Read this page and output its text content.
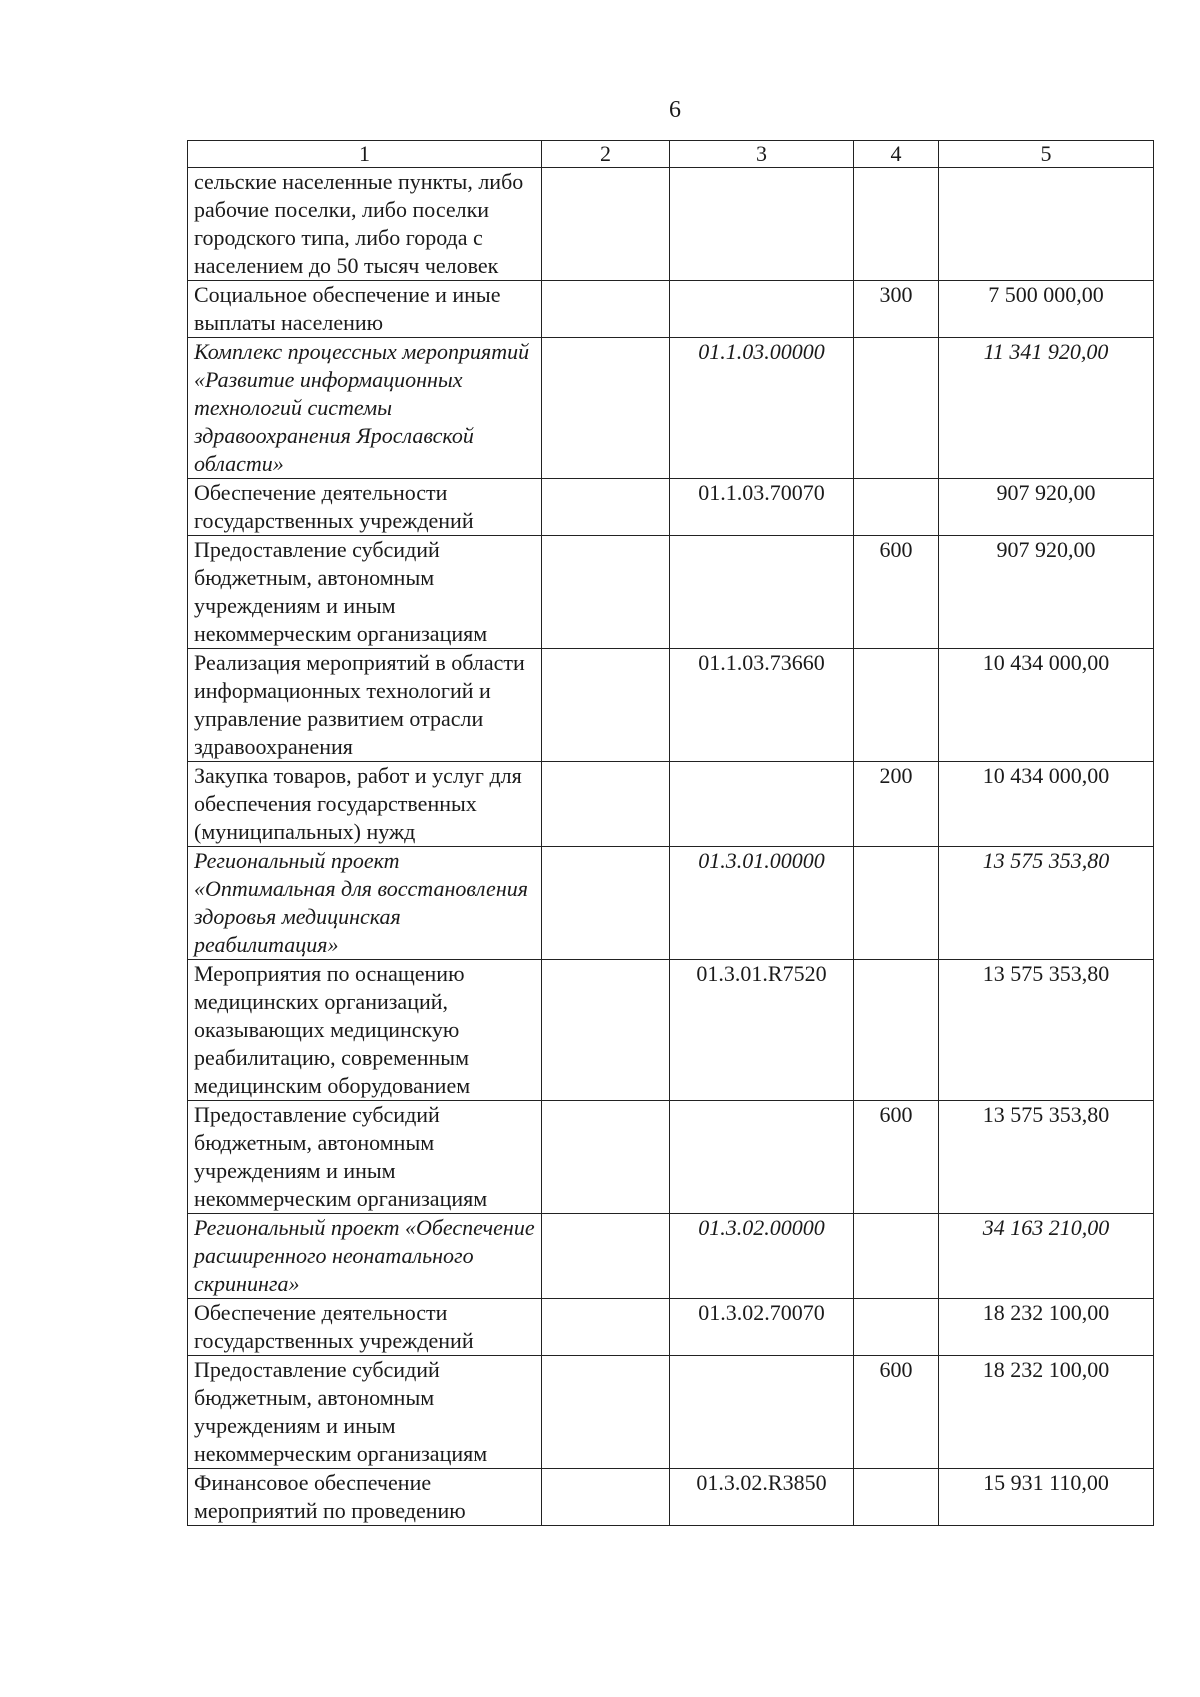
6
1	2	3	4	5
сельские населенные пункты, либо рабочие поселки, либо поселки городского типа, либо города с населением до 50 тысяч человек				
Социальное обеспечение и иные выплаты населению			300	7 500 000,00
Комплекс процессных мероприятий «Развитие информационных технологий системы здравоохранения Ярославской области»		01.1.03.00000		11 341 920,00
Обеспечение деятельности государственных учреждений		01.1.03.70070		907 920,00
Предоставление субсидий бюджетным, автономным учреждениям и иным некоммерческим организациям			600	907 920,00
Реализация мероприятий в области информационных технологий и управление развитием отрасли здравоохранения		01.1.03.73660		10 434 000,00
Закупка товаров, работ и услуг для обеспечения государственных (муниципальных) нужд			200	10 434 000,00
Региональный проект «Оптимальная для восстановления здоровья медицинская реабилитация»		01.3.01.00000		13 575 353,80
Мероприятия по оснащению медицинских организаций, оказывающих медицинскую реабилитацию, современным медицинским оборудованием		01.3.01.R7520		13 575 353,80
Предоставление субсидий бюджетным, автономным учреждениям и иным некоммерческим организациям			600	13 575 353,80
Региональный проект «Обеспечение расширенного неонатального скрининга»		01.3.02.00000		34 163 210,00
Обеспечение деятельности государственных учреждений		01.3.02.70070		18 232 100,00
Предоставление субсидий бюджетным, автономным учреждениям и иным некоммерческим организациям			600	18 232 100,00
Финансовое обеспечение мероприятий по проведению		01.3.02.R3850		15 931 110,00
